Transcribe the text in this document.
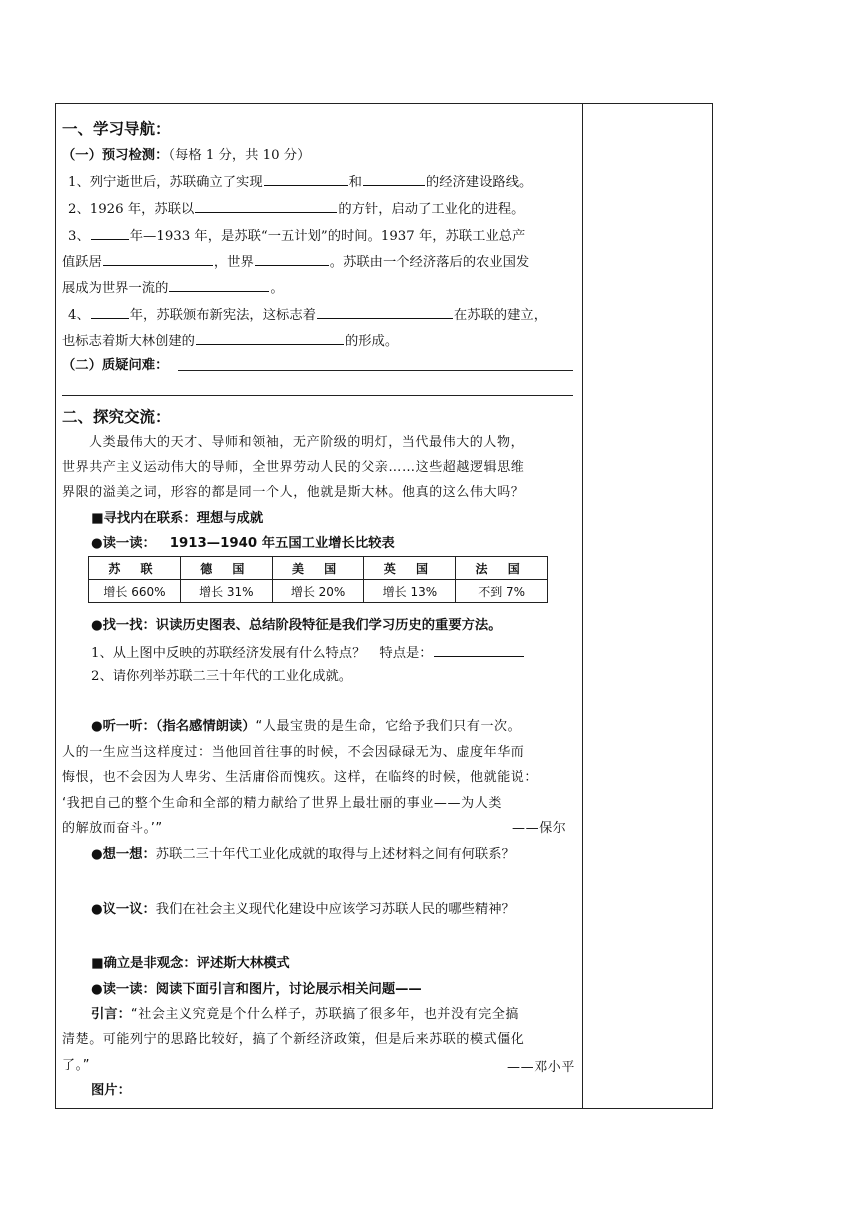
一、学习导航：
（一）预习检测：（每格 1 分，共 10 分）
1、列宁逝世后，苏联确立了实现	和	的经济建设路线。
2、1926 年，苏联以	的方针，启动了工业化的进程。
3、	年—1933 年，是苏联“一五计划”的时间。1937 年，苏联工业总产
值跃居	，世界	。苏联由一个经济落后的农业国发
展成为世界一流的	。
4、	年，苏联颁布新宪法，这标志着	在苏联的建立，
也标志着斯大林创建的	的形成。
（二）质疑问难：
二、探究交流：
人类最伟大的天才、导师和领袖，无产阶级的明灯，当代最伟大的人物，
世界共产主义运动伟大的导师，全世界劳动人民的父亲……这些超越逻辑思维
界限的溢美之词，形容的都是同一个人，他就是斯大林。他真的这么伟大吗？
■寻找内在联系：理想与成就
●读一读： 1913—1940 年五国工业增长比较表
苏 联	德 国	美 国	英 国	法 国
增长 660%	增长 31%	增长 20%	增长 13%	不到 7%
●找一找：识读历史图表、总结阶段特征是我们学习历史的重要方法。
1、从上图中反映的苏联经济发展有什么特点？ 特点是：
2、请你列举苏联二三十年代的工业化成就。
●听一听：（指名感情朗读）“人最宝贵的是生命，它给予我们只有一次。
人的一生应当这样度过：当他回首往事的时候，不会因碌碌无为、虚度年华而
悔恨，也不会因为人卑劣、生活庸俗而愧疚。这样，在临终的时候，他就能说：
‘我把自己的整个生命和全部的精力献给了世界上最壮丽的事业——为人类
的解放而奋斗。’”	——保尔
●想一想：苏联二三十年代工业化成就的取得与上述材料之间有何联系？
●议一议：我们在社会主义现代化建设中应该学习苏联人民的哪些精神？
■确立是非观念：评述斯大林模式
●读一读：阅读下面引言和图片，讨论展示相关问题——
引言：“社会主义究竟是个什么样子，苏联搞了很多年，也并没有完全搞
清楚。可能列宁的思路比较好，搞了个新经济政策，但是后来苏联的模式僵化
了。”	——邓小平
图片：
